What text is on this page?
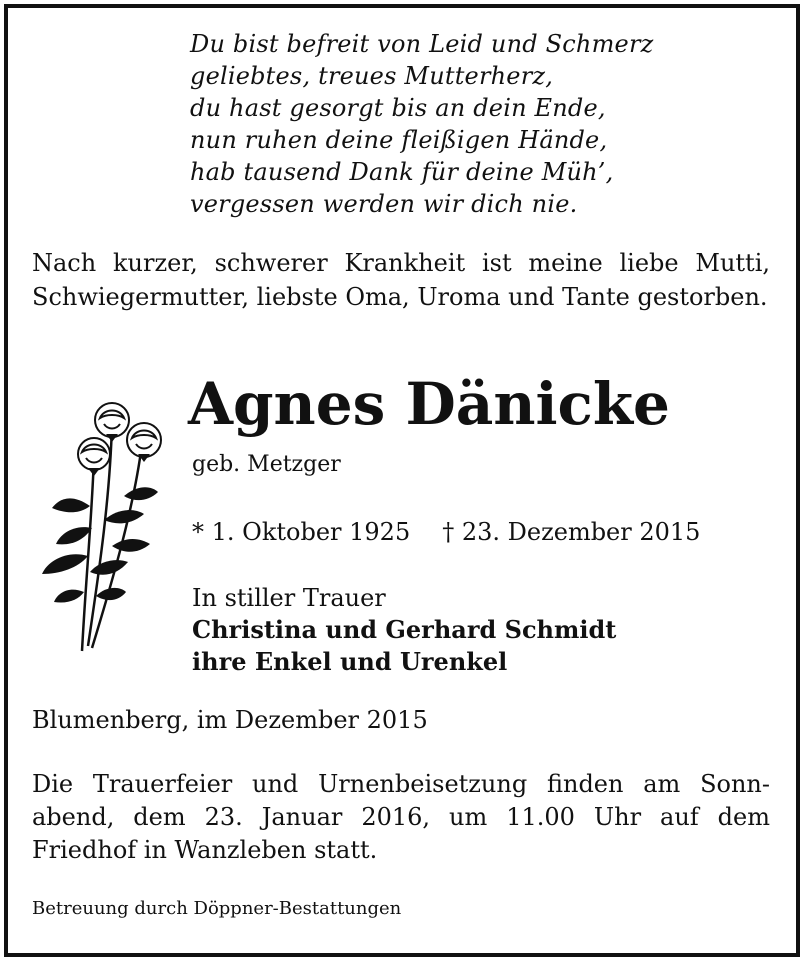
Du bist befreit von Leid und Schmerz
geliebtes, treues Mutterherz,
du hast gesorgt bis an dein Ende,
nun ruhen deine fleißigen Hände,
hab tausend Dank für deine Müh’,
vergessen werden wir dich nie.
Nach kurzer, schwerer Krankheit ist meine liebe Mutti, Schwiegermutter, liebste Oma, Uroma und Tante gestorben.
Agnes Dänicke
geb. Metzger
* 1. Oktober 1925 † 23. Dezember 2015
In stiller Trauer
Christina und Gerhard Schmidt
ihre Enkel und Urenkel
Blumenberg, im Dezember 2015
Die Trauerfeier und Urnenbeisetzung finden am Sonn-
abend, dem 23. Januar 2016, um 11.00 Uhr auf dem
Friedhof in Wanzleben statt.
Betreuung durch Döppner-Bestattungen
